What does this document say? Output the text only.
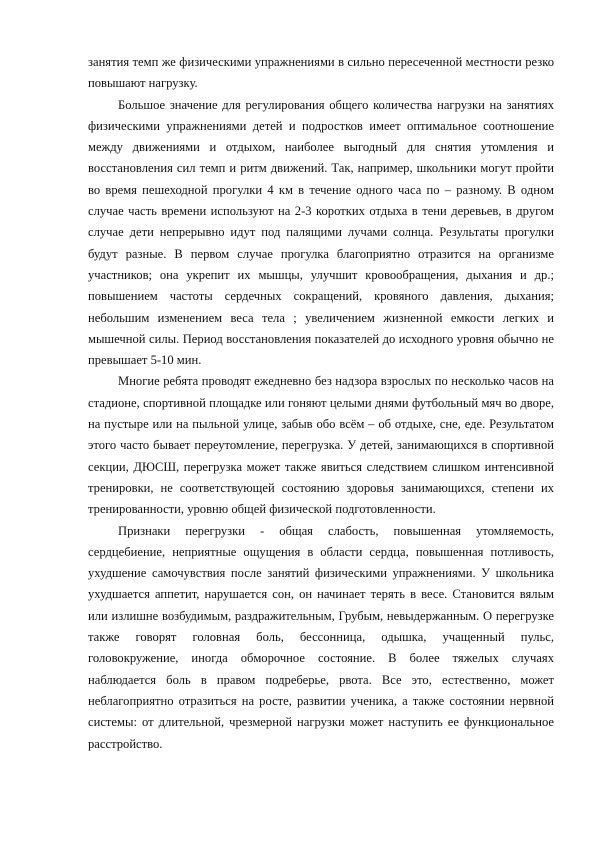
занятия темп же физическими упражнениями в сильно пересеченной местности резко повышают нагрузку.

Большое значение для регулирования общего количества нагрузки на занятиях физическими упражнениями детей и подростков имеет оптимальное соотношение между движениями и отдыхом, наиболее выгодный для снятия утомления и восстановления сил темп и ритм движений. Так, например, школьники могут пройти во время пешеходной прогулки 4 км в течение одного часа по – разному. В одном случае часть времени используют на 2-3 коротких отдыха в тени деревьев, в другом случае дети непрерывно идут под палящими лучами солнца. Результаты прогулки будут разные. В первом случае прогулка благоприятно отразится на организме участников; она укрепит их мышцы, улучшит кровообращения, дыхания и др.; повышением частоты сердечных сокращений, кровяного давления, дыхания; небольшим изменением веса тела ; увеличением жизненной емкости легких и мышечной силы. Период восстановления показателей до исходного уровня обычно не превышает 5-10 мин.

Многие ребята проводят ежедневно без надзора взрослых по несколько часов на стадионе, спортивной площадке или гоняют целыми днями футбольный мяч во дворе, на пустыре или на пыльной улице, забыв обо всём – об отдыхе, сне, еде. Результатом этого часто бывает переутомление, перегрузка. У детей, занимающихся в спортивной секции, ДЮСШ, перегрузка может также явиться следствием слишком интенсивной тренировки, не соответствующей состоянию здоровья занимающихся, степени их тренированности, уровню общей физической подготовленности.

Признаки перегрузки - общая слабость, повышенная утомляемость, сердцебиение, неприятные ощущения в области сердца, повышенная потливость, ухудшение самочувствия после занятий физическими упражнениями. У школьника ухудшается аппетит, нарушается сон, он начинает терять в весе. Становится вялым или излишне возбудимым, раздражительным, Грубым, невыдержанным. О перегрузке также говорят головная боль, бессонница, одышка, учащенный пульс, головокружение, иногда обморочное состояние. В более тяжелых случаях наблюдается боль в правом подреберье, рвота. Все это, естественно, может неблагоприятно отразиться на росте, развитии ученика, а также состоянии нервной системы: от длительной, чрезмерной нагрузки может наступить ее функциональное расстройство.
